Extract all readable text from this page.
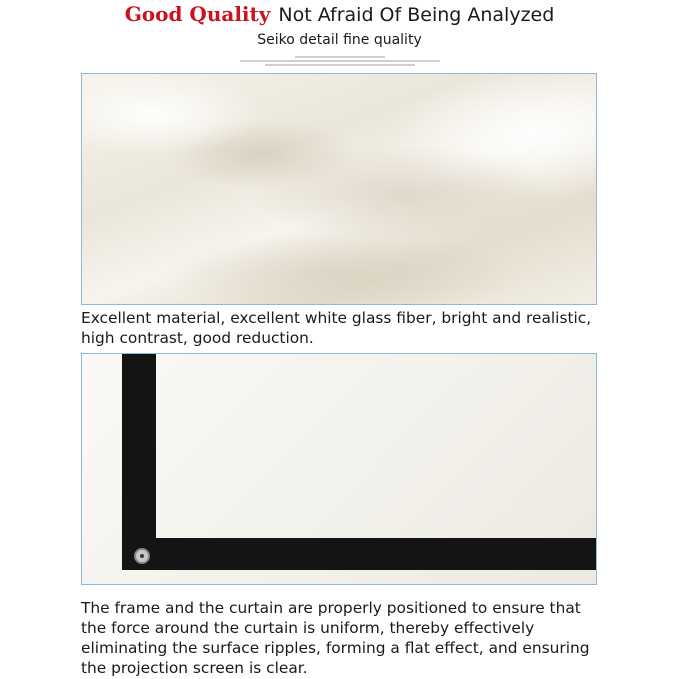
Good Quality Not Afraid Of Being Analyzed
Seiko detail fine quality
Excellent material, excellent white glass fiber, bright and realistic,
high contrast, good reduction.
The frame and the curtain are properly positioned to ensure that
the force around the curtain is uniform, thereby effectively
eliminating the surface ripples, forming a flat effect, and ensuring
the projection screen is clear.
